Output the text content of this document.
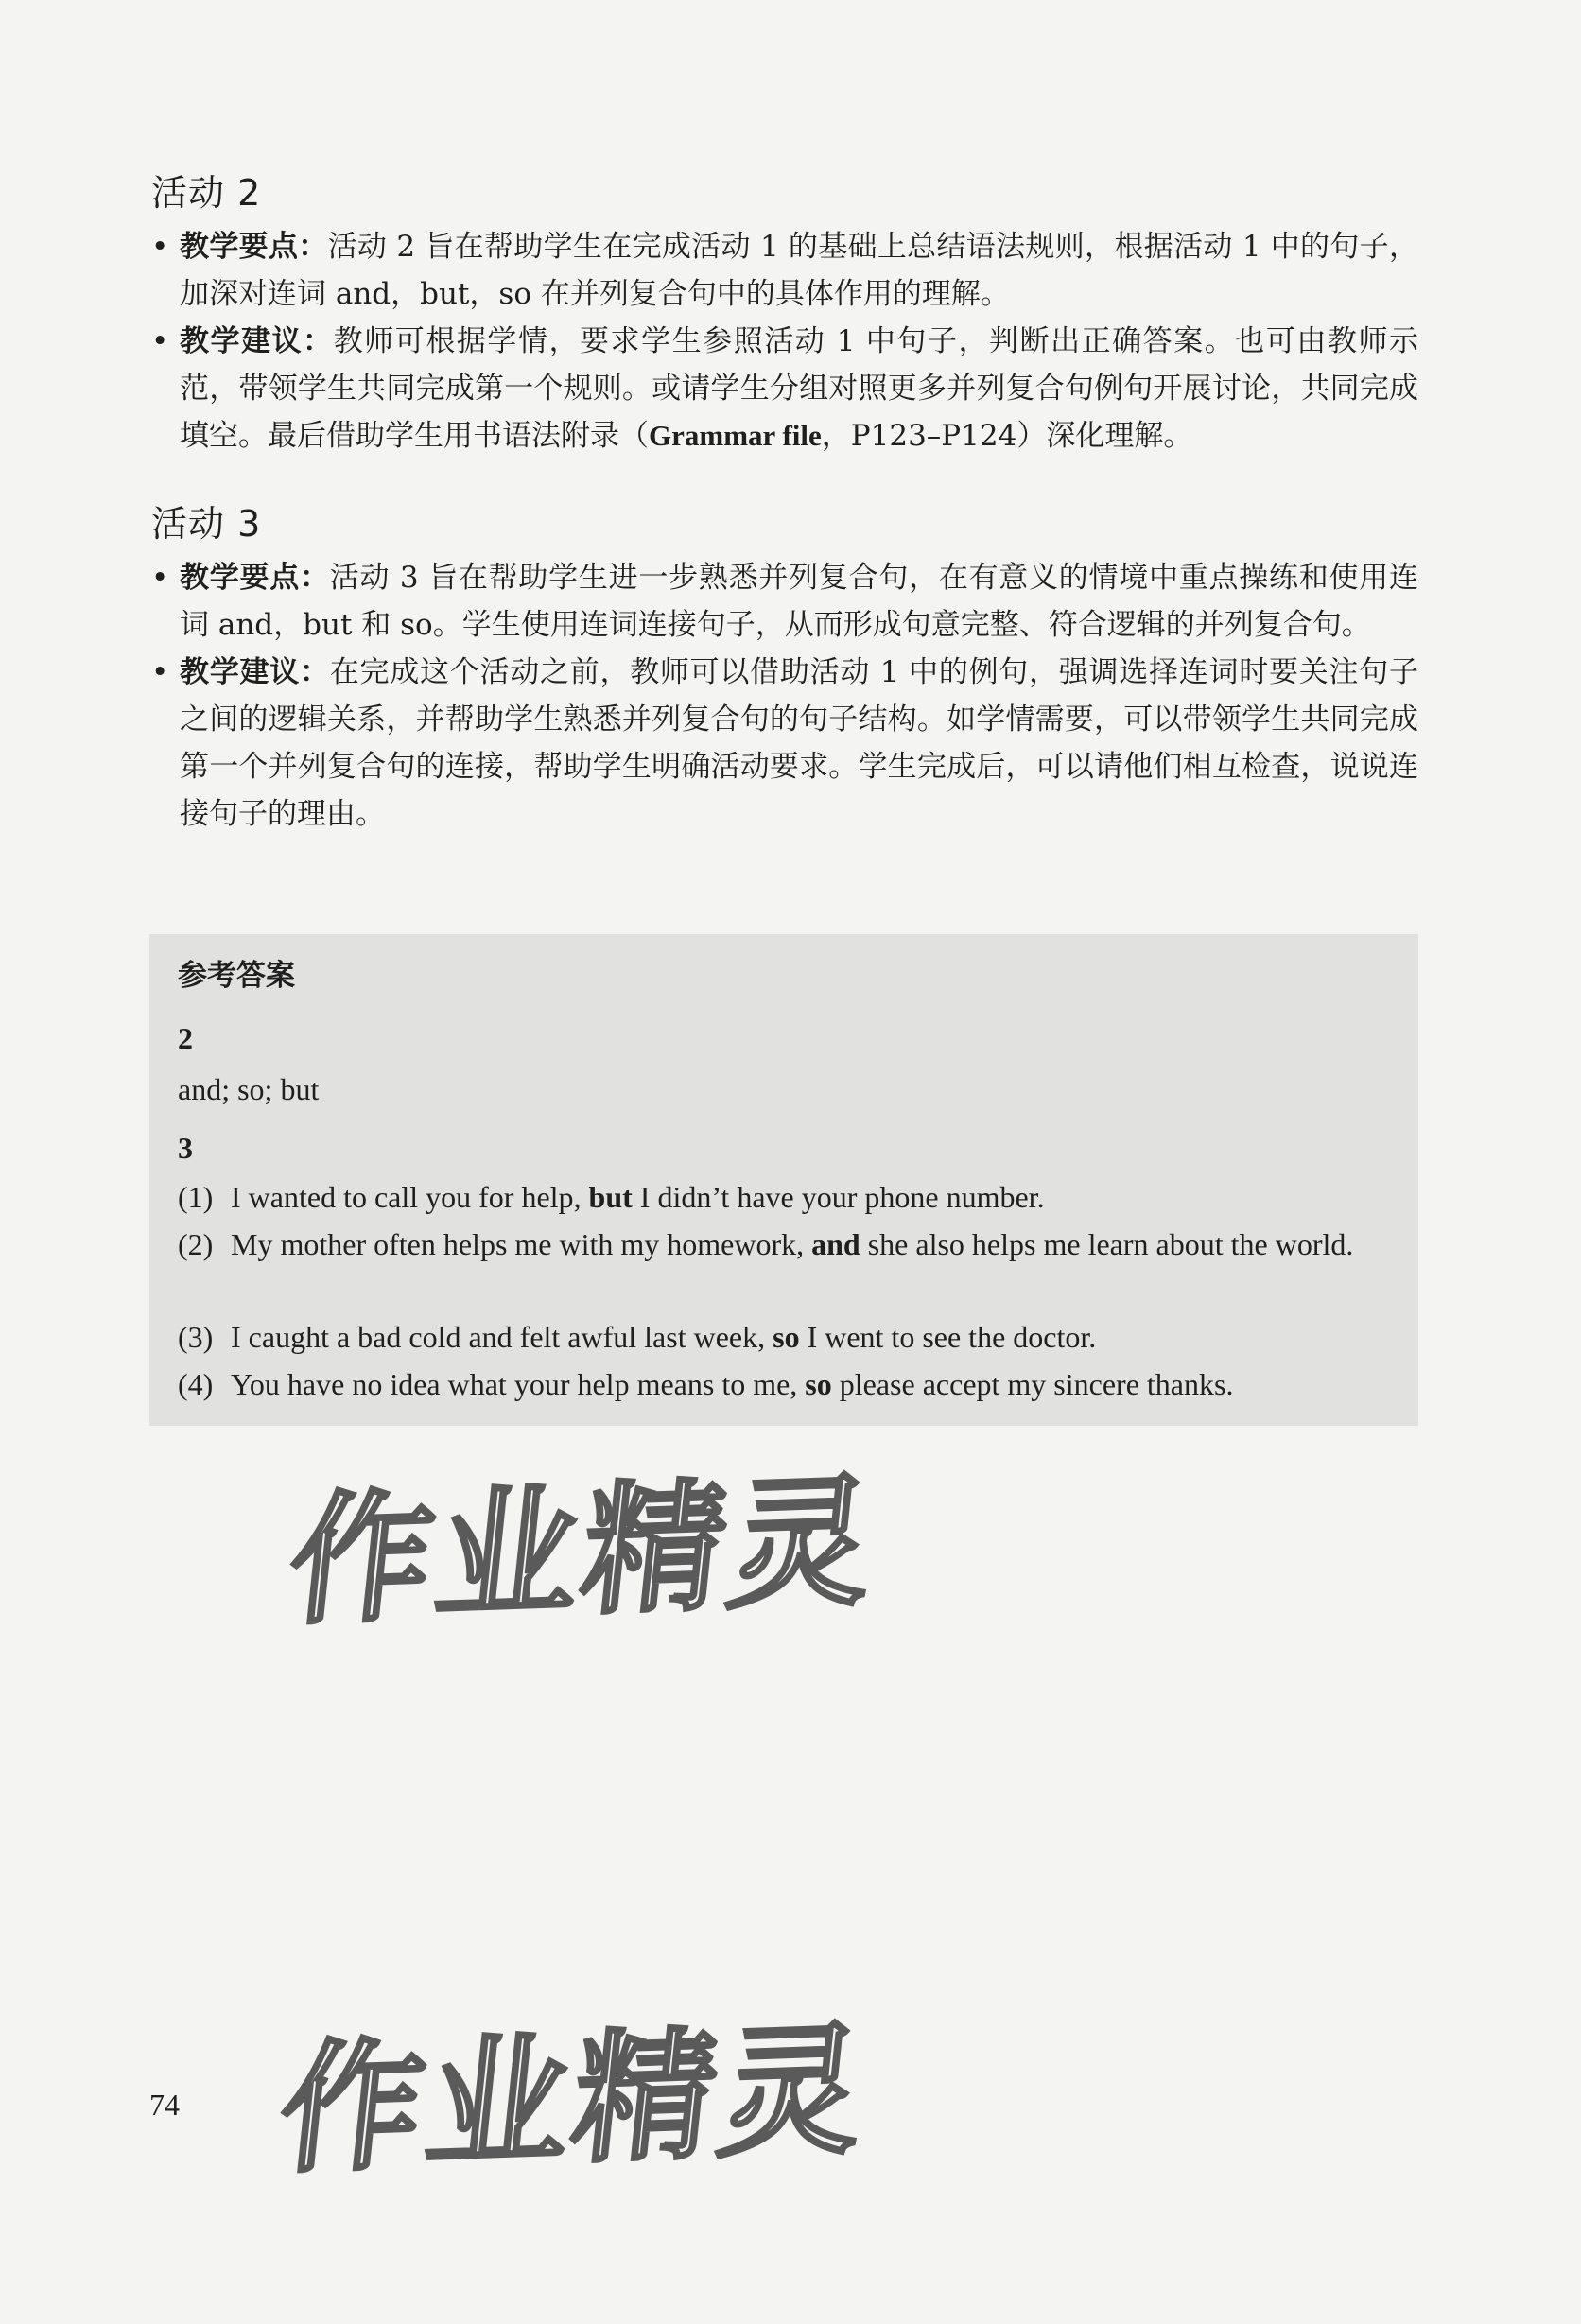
活动 2

• 教学要点：活动 2 旨在帮助学生在完成活动 1 的基础上总结语法规则，根据活动 1 中的句子，加深对连词 and，but，so 在并列复合句中的具体作用的理解。

• 教学建议：教师可根据学情，要求学生参照活动 1 中句子，判断出正确答案。也可由教师示范，带领学生共同完成第一个规则。或请学生分组对照更多并列复合句例句开展讨论，共同完成填空。最后借助学生用书语法附录（Grammar file，P123–P124）深化理解。

活动 3

• 教学要点：活动 3 旨在帮助学生进一步熟悉并列复合句，在有意义的情境中重点操练和使用连词 and，but 和 so。学生使用连词连接句子，从而形成句意完整、符合逻辑的并列复合句。

• 教学建议：在完成这个活动之前，教师可以借助活动 1 中的例句，强调选择连词时要关注句子之间的逻辑关系，并帮助学生熟悉并列复合句的句子结构。如学情需要，可以带领学生共同完成第一个并列复合句的连接，帮助学生明确活动要求。学生完成后，可以请他们相互检查，说说连接句子的理由。

参考答案
2
and; so; but
3
(1) I wanted to call you for help, but I didn’t have your phone number.
(2) My mother often helps me with my homework, and she also helps me learn about the world.
(3) I caught a bad cold and felt awful last week, so I went to see the doctor.
(4) You have no idea what your help means to me, so please accept my sincere thanks.
作业精灵
作业精灵
74
